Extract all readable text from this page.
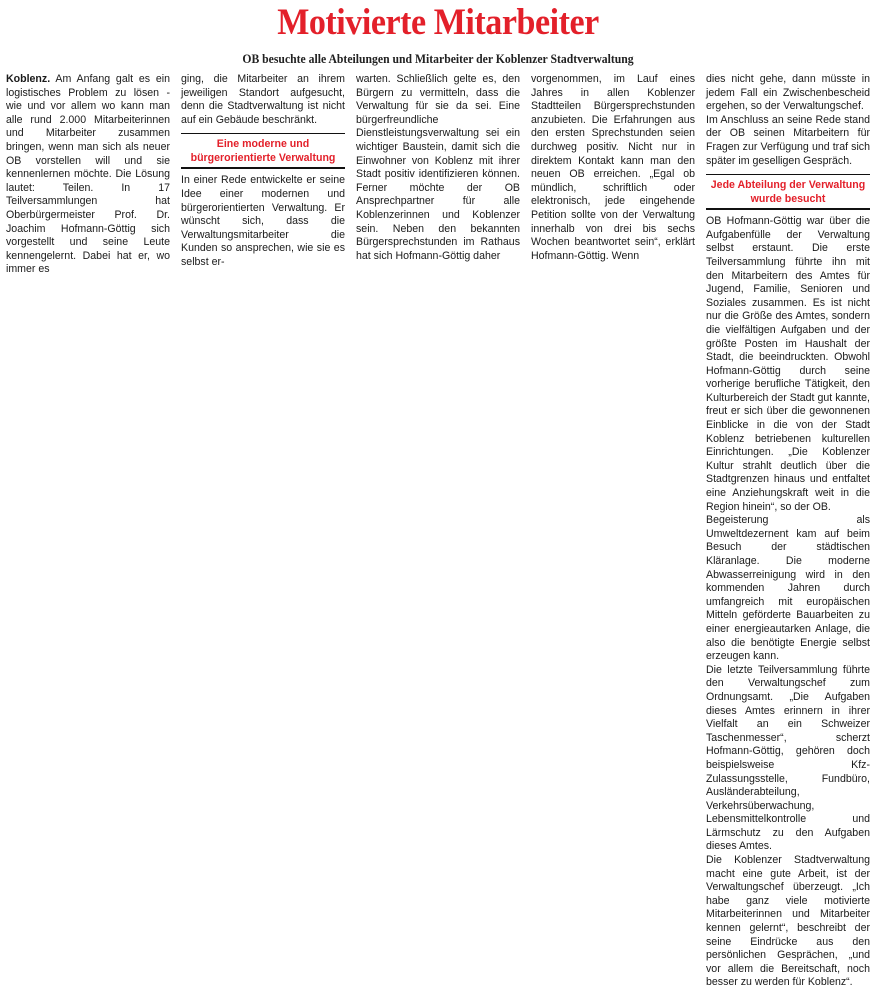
Motivierte Mitarbeiter
OB besuchte alle Abteilungen und Mitarbeiter der Koblenzer Stadtverwaltung

Koblenz. Am Anfang galt es ein logistisches Problem zu lösen - wie und vor allem wo kann man alle rund 2.000 Mitarbeiterinnen und Mitarbeiter zusammen bringen, wenn man sich als neuer OB vorstellen will und sie kennenlernen möchte. Die Lösung lautet: Teilen. In 17 Teilversammlungen hat Oberbürgermeister Prof. Dr. Joachim Hofmann-Göttig sich vorgestellt und seine Leute kennengelernt. Dabei hat er, wo immer es

ging, die Mitarbeiter an ihrem jeweiligen Standort aufgesucht, denn die Stadtverwaltung ist nicht auf ein Gebäude beschränkt.

Eine moderne und bürgerorientierte Verwaltung

In einer Rede entwickelte er seine Idee einer modernen und bürgerorientierten Verwaltung. Er wünscht sich, dass die Verwaltungsmitarbeiter die Kunden so ansprechen, wie sie es selbst er-

warten. Schließlich gelte es, den Bürgern zu vermitteln, dass die Verwaltung für sie da sei. Eine bürgerfreundliche Dienstleistungsverwaltung sei ein wichtiger Baustein, damit sich die Einwohner von Koblenz mit ihrer Stadt positiv identifizieren können. Ferner möchte der OB Ansprechpartner für alle Koblenzerinnen und Koblenzer sein. Neben den bekannten Bürgersprechstunden im Rathaus hat sich Hofmann-Göttig daher

vorgenommen, im Lauf eines Jahres in allen Koblenzer Stadtteilen Bürgersprechstunden anzubieten. Die Erfahrungen aus den ersten Sprechstunden seien durchweg positiv. Nicht nur in direktem Kontakt kann man den neuen OB erreichen. „Egal ob mündlich, schriftlich oder elektronisch, jede eingehende Petition sollte von der Verwaltung innerhalb von drei bis sechs Wochen beantwortet sein“, erklärt Hofmann-Göttig. Wenn

dies nicht gehe, dann müsste in jedem Fall ein Zwischenbescheid ergehen, so der Verwaltungschef.

Im Anschluss an seine Rede stand der OB seinen Mitarbeitern für Fragen zur Verfügung und traf sich später im geselligen Gespräch.

Jede Abteilung der Verwaltung wurde besucht

OB Hofmann-Göttig war über die Aufgabenfülle der Verwaltung selbst erstaunt. Die erste Teilversammlung führte ihn mit den Mitarbeitern des Amtes für Jugend, Familie, Senioren und Soziales zusammen. Es ist nicht nur die Größe des Amtes, sondern die vielfältigen Aufgaben und der größte Posten im Haushalt der Stadt, die beeindruckten. Obwohl Hofmann-Göttig durch seine vorherige berufliche Tätigkeit, den Kulturbereich der Stadt gut kannte, freut er sich über die gewonnenen Einblicke in die von der Stadt Koblenz betriebenen kulturellen Einrichtungen. „Die Koblenzer Kultur strahlt deutlich über die Stadtgrenzen hinaus und entfaltet eine Anziehungskraft weit in die Region hinein“, so der OB.

Begeisterung als Umweltdezernent kam auf beim Besuch der städtischen Kläranlage. Die moderne Abwasserreinigung wird in den kommenden Jahren durch umfangreich mit europäischen Mitteln geförderte Bauarbeiten zu einer energieautarken Anlage, die also die benötigte Energie selbst erzeugen kann.

Die letzte Teilversammlung führte den Verwaltungschef zum Ordnungsamt. „Die Aufgaben dieses Amtes erinnern in ihrer Vielfalt an ein Schweizer Taschenmesser“, scherzt Hofmann-Göttig, gehören doch beispielsweise Kfz-Zulassungsstelle, Fundbüro, Ausländerabteilung, Verkehrsüberwachung, Lebensmittelkontrolle und Lärmschutz zu den Aufgaben dieses Amtes.

Die Koblenzer Stadtverwaltung macht eine gute Arbeit, ist der Verwaltungschef überzeugt. „Ich habe ganz viele motivierte Mitarbeiterinnen und Mitarbeiter kennen gelernt“, beschreibt der seine Eindrücke aus den persönlichen Gesprächen, „und vor allem die Bereitschaft, noch besser zu werden für Koblenz“.
